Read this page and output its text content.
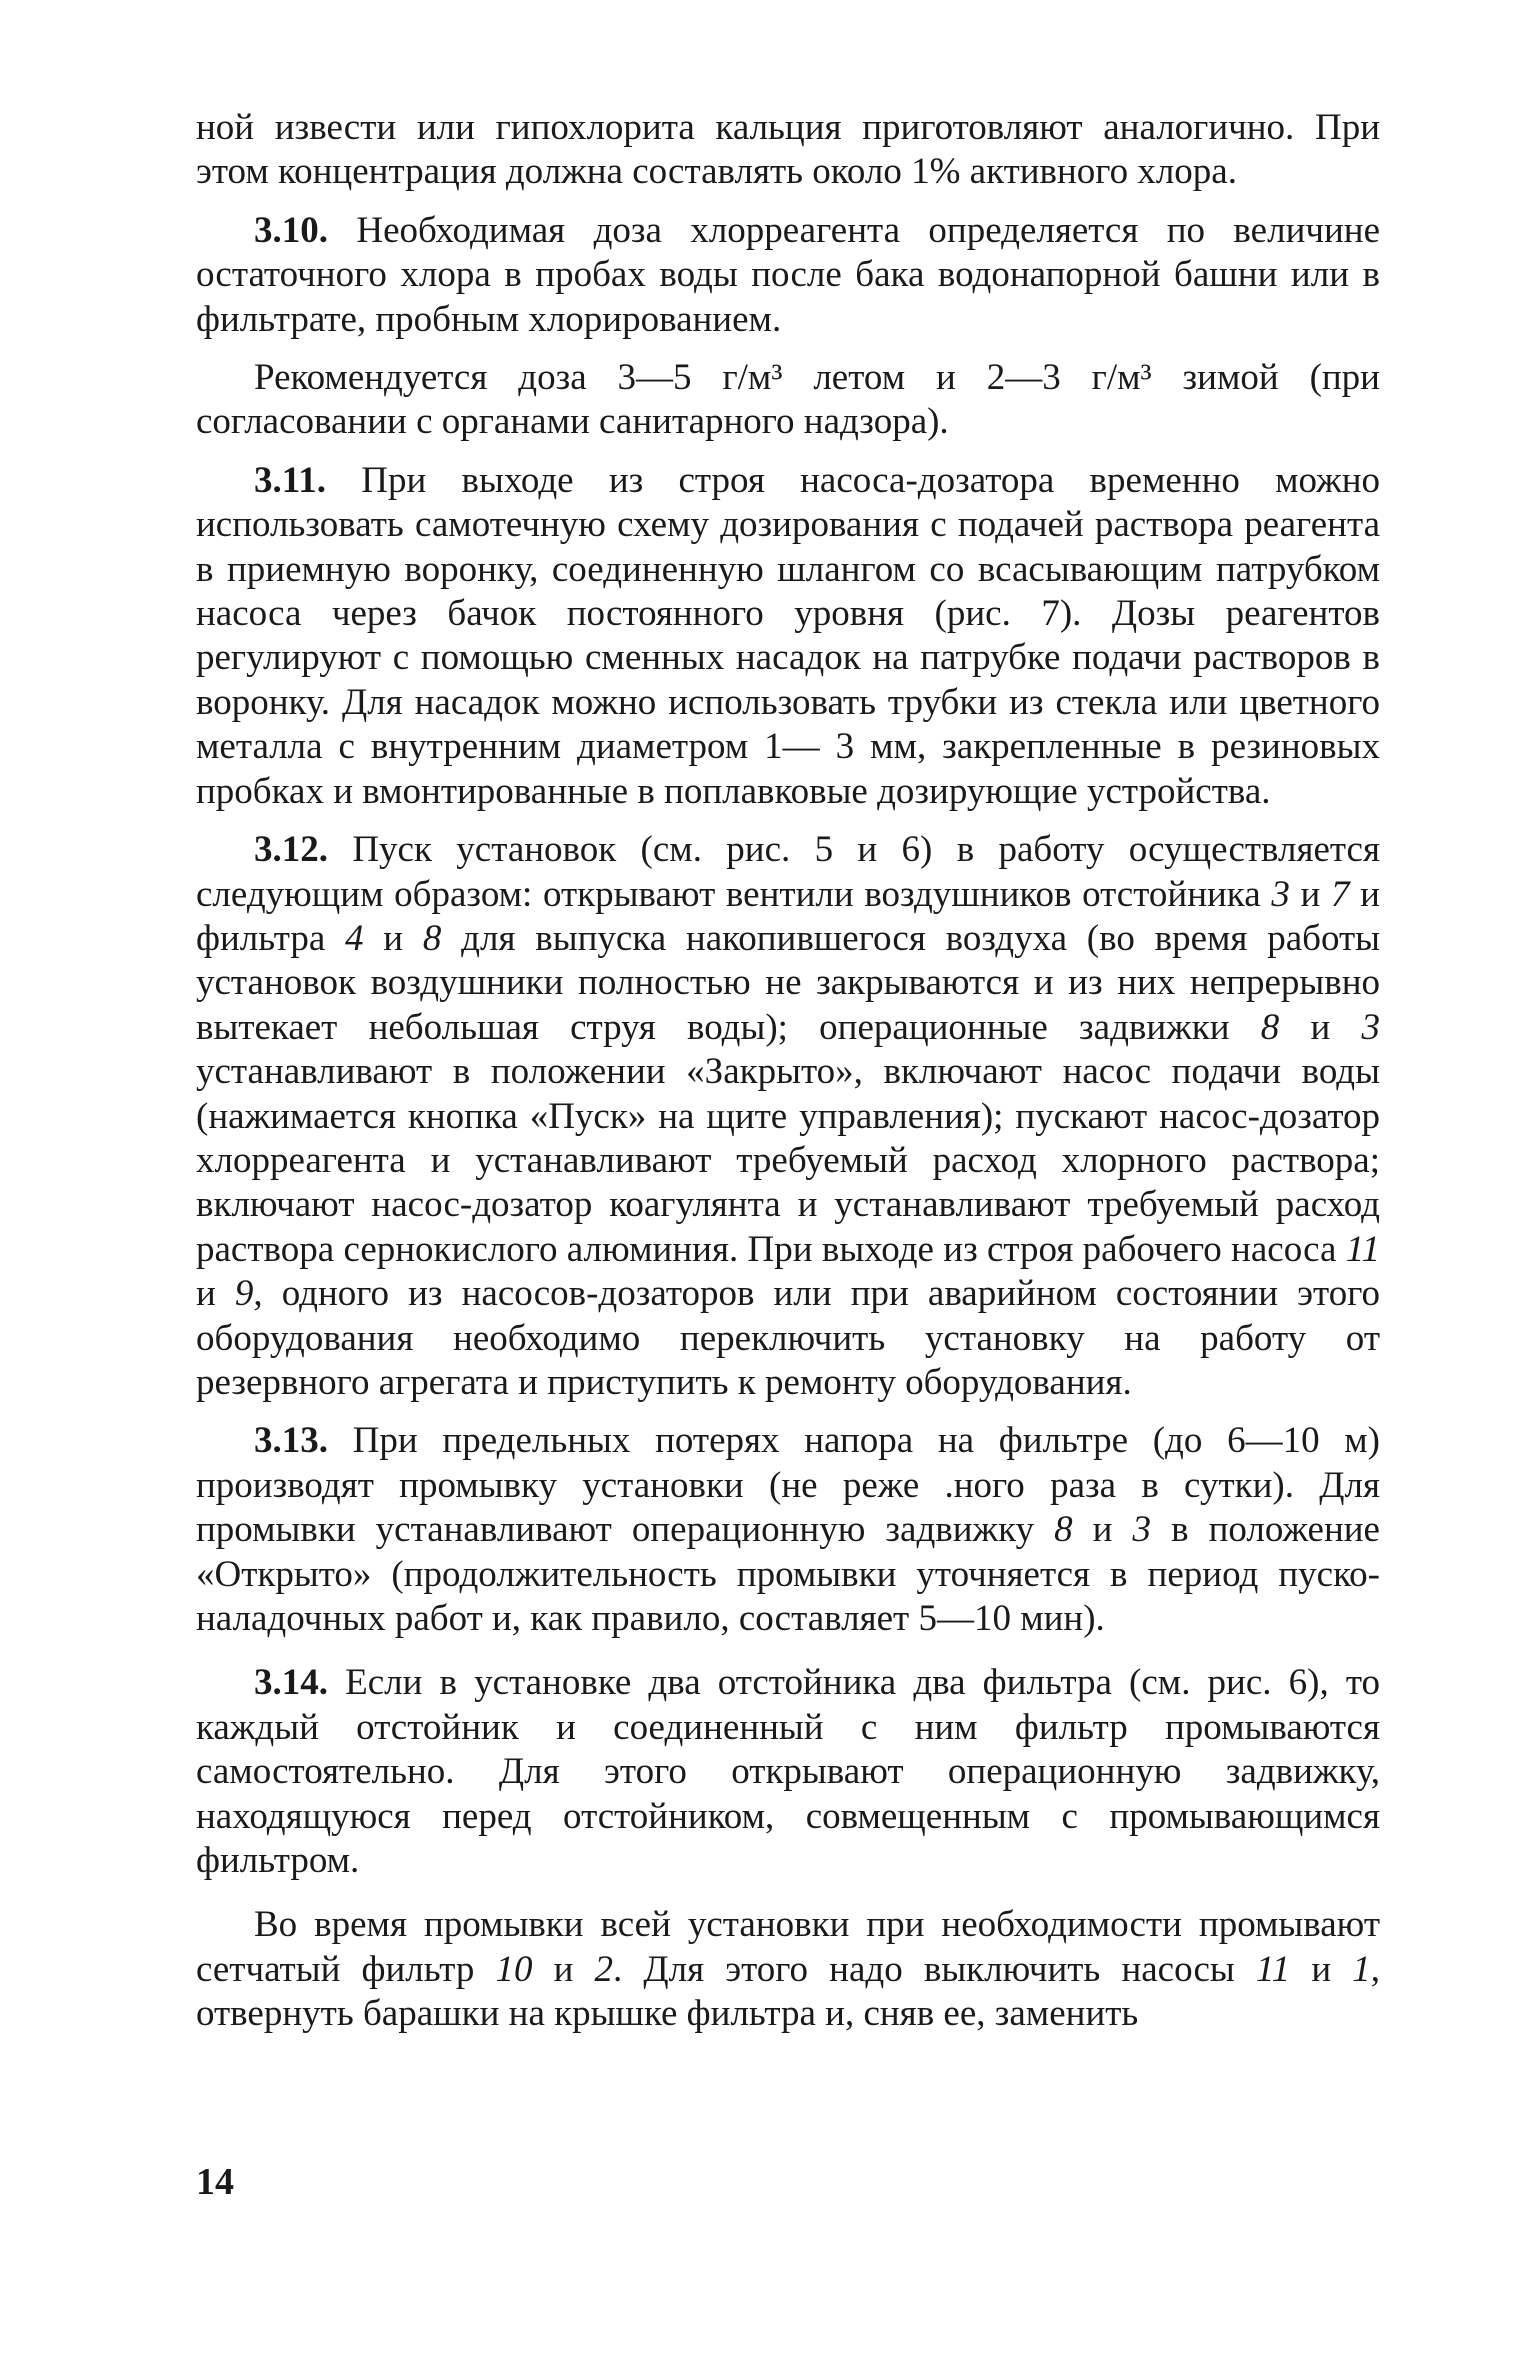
ной извести или гипохлорита кальция приготовляют аналогично. При этом концентрация должна составлять около 1% активного хлора.

3.10. Необходимая доза хлорреагента определяется по величине остаточного хлора в пробах воды после бака водонапорной башни или в фильтрате, пробным хлорированием.

Рекомендуется доза 3—5 г/м³ летом и 2—3 г/м³ зимой (при согласовании с органами санитарного надзора).

3.11. При выходе из строя насоса-дозатора временно можно использовать самотечную схему дозирования с подачей раствора реагента в приемную воронку, соединенную шлангом со всасывающим патрубком насоса через бачок постоянного уровня (рис. 7). Дозы реагентов регулируют с помощью сменных насадок на патрубке подачи растворов в воронку. Для насадок можно использовать трубки из стекла или цветного металла с внутренним диаметром 1— 3 мм, закрепленные в резиновых пробках и вмонтированные в поплавковые дозирующие устройства.

3.12. Пуск установок (см. рис. 5 и 6) в работу осуществляется следующим образом: открывают вентили воздушников отстойника 3 и 7 и фильтра 4 и 8 для выпуска накопившегося воздуха (во время работы установок воздушники полностью не закрываются и из них непрерывно вытекает небольшая струя воды); операционные задвижки 8 и 3 устанавливают в положении «Закрыто», включают насос подачи воды (нажимается кнопка «Пуск» на щите управления); пускают насос-дозатор хлорреагента и устанавливают требуемый расход хлорного раствора; включают насос-дозатор коагулянта и устанавливают требуемый расход раствора сернокислого алюминия. При выходе из строя рабочего насоса 11 и 9, одного из насосов-дозаторов или при аварийном состоянии этого оборудования необходимо переключить установку на работу от резервного агрегата и приступить к ремонту оборудования.

3.13. При предельных потерях напора на фильтре (до 6—10 м) производят промывку установки (не реже .ного раза в сутки). Для промывки устанавливают операционную задвижку 8 и 3 в положение «Открыто» (продолжительность промывки уточняется в период пуско-наладочных работ и, как правило, составляет 5—10 мин).

3.14. Если в установке два отстойника два фильтра (см. рис. 6), то каждый отстойник и соединенный с ним фильтр промываются самостоятельно. Для этого открывают операционную задвижку, находящуюся перед отстойником, совмещенным с промывающимся фильтром.

Во время промывки всей установки при необходимости промывают сетчатый фильтр 10 и 2. Для этого надо выключить насосы 11 и 1, отвернуть барашки на крышке фильтра и, сняв ее, заменить

14
